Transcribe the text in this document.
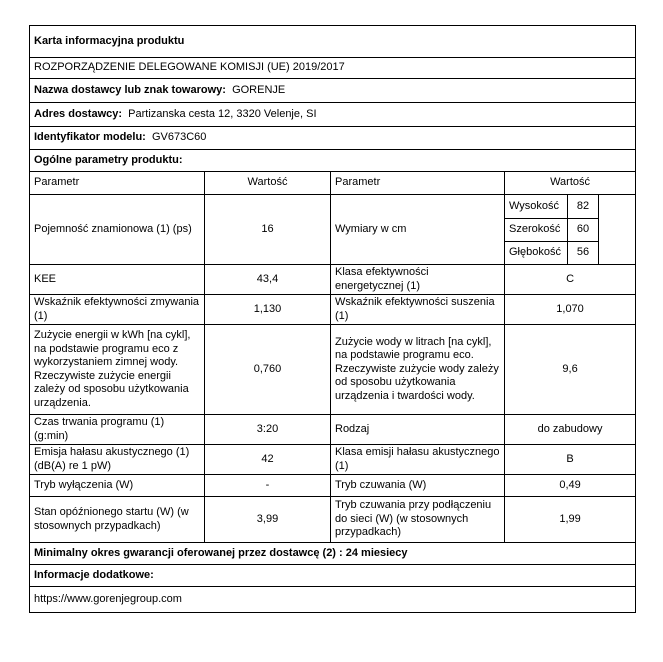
Karta informacyjna produktu					
ROZPORZĄDZENIE DELEGOWANE KOMISJI (UE) 2019/2017					
Nazwa dostawcy lub znak towarowy: GORENJE					
Adres dostawcy: Partizanska cesta 12, 3320 Velenje, SI					
Identyfikator modelu: GV673C60					
Ogólne parametry produktu:					
Parametr	Wartość	Parametr	Wartość		
Pojemność znamionowa (1) (ps)	16	Wymiary w cm	Wysokość	82	
			Szerokość	60	
			Głębokość	56	
KEE	43,4	Klasa efektywności energetycznej (1)	C		
Wskaźnik efektywności zmywania (1)	1,130	Wskaźnik efektywności suszenia (1)	1,070		
Zużycie energii w kWh [na cykl], na podstawie programu eco z wykorzystaniem zimnej wody. Rzeczywiste zużycie energii zależy od sposobu użytkowania urządzenia.	0,760	Zużycie wody w litrach [na cykl], na podstawie programu eco. Rzeczywiste zużycie wody zależy od sposobu użytkowania urządzenia i twardości wody.	9,6		
Czas trwania programu (1) (g:min)	3:20	Rodzaj	do zabudowy		
Emisja hałasu akustycznego (1) (dB(A) re 1 pW)	42	Klasa emisji hałasu akustycznego (1)	B		
Tryb wyłączenia (W)	-	Tryb czuwania (W)	0,49		
Stan opóźnionego startu (W) (w stosownych przypadkach)	3,99	Tryb czuwania przy podłączeniu do sieci (W) (w stosownych przypadkach)	1,99		
Minimalny okres gwarancji oferowanej przez dostawcę (2) : 24 miesiecy					
Informacje dodatkowe:					
https://www.gorenjegroup.com					
